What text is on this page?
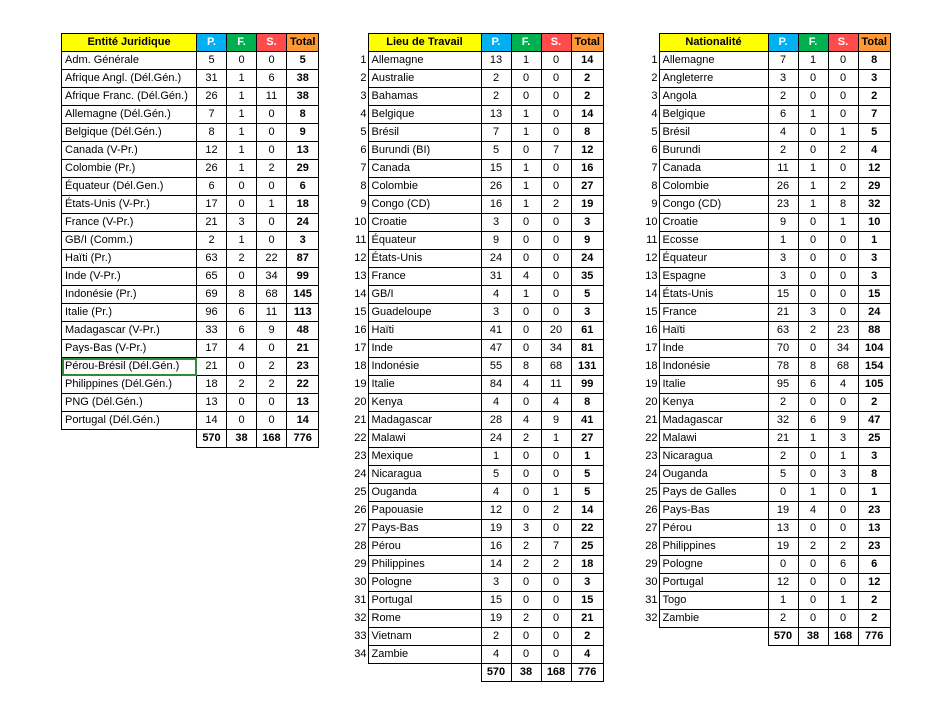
	Entité Juridique	P.	F.	S.	Total
	Adm. Générale	5	0	0	5
	Afrique Angl. (Dél.Gén.)	31	1	6	38
	Afrique Franc. (Dél.Gén.)	26	1	11	38
	Allemagne (Dél.Gén.)	7	1	0	8
	Belgique (Dél.Gén.)	8	1	0	9
	Canada (V-Pr.)	12	1	0	13
	Colombie (Pr.)	26	1	2	29
	Équateur (Dél.Gen.)	6	0	0	6
	États-Unis (V-Pr.)	17	0	1	18
	France (V-Pr.)	21	3	0	24
	GB/I (Comm.)	2	1	0	3
	Haïti (Pr.)	63	2	22	87
	Inde (V-Pr.)	65	0	34	99
	Indonésie (Pr.)	69	8	68	145
	Italie (Pr.)	96	6	11	113
	Madagascar (V-Pr.)	33	6	9	48
	Pays-Bas (V-Pr.)	17	4	0	21
	Pérou-Brésil (Dél.Gén.)	21	0	2	23
	Philippines (Dél.Gén.)	18	2	2	22
	PNG (Dél.Gén.)	13	0	0	13
	Portugal (Dél.Gén.)	14	0	0	14
		570	38	168	776
	Lieu de Travail	P.	F.	S.	Total
1	Allemagne	13	1	0	14
2	Australie	2	0	0	2
3	Bahamas	2	0	0	2
4	Belgique	13	1	0	14
5	Brésil	7	1	0	8
6	Burundi (BI)	5	0	7	12
7	Canada	15	1	0	16
8	Colombie	26	1	0	27
9	Congo (CD)	16	1	2	19
10	Croatie	3	0	0	3
11	Équateur	9	0	0	9
12	États-Unis	24	0	0	24
13	France	31	4	0	35
14	GB/I	4	1	0	5
15	Guadeloupe	3	0	0	3
16	Haïti	41	0	20	61
17	Inde	47	0	34	81
18	Indonésie	55	8	68	131
19	Italie	84	4	11	99
20	Kenya	4	0	4	8
21	Madagascar	28	4	9	41
22	Malawi	24	2	1	27
23	Mexique	1	0	0	1
24	Nicaragua	5	0	0	5
25	Ouganda	4	0	1	5
26	Papouasie	12	0	2	14
27	Pays-Bas	19	3	0	22
28	Pérou	16	2	7	25
29	Philippines	14	2	2	18
30	Pologne	3	0	0	3
31	Portugal	15	0	0	15
32	Rome	19	2	0	21
33	Vietnam	2	0	0	2
34	Zambie	4	0	0	4
		570	38	168	776
	Nationalité	P.	F.	S.	Total
1	Allemagne	7	1	0	8
2	Angleterre	3	0	0	3
3	Angola	2	0	0	2
4	Belgique	6	1	0	7
5	Brésil	4	0	1	5
6	Burundi	2	0	2	4
7	Canada	11	1	0	12
8	Colombie	26	1	2	29
9	Congo (CD)	23	1	8	32
10	Croatie	9	0	1	10
11	Ecosse	1	0	0	1
12	Équateur	3	0	0	3
13	Espagne	3	0	0	3
14	États-Unis	15	0	0	15
15	France	21	3	0	24
16	Haïti	63	2	23	88
17	Inde	70	0	34	104
18	Indonésie	78	8	68	154
19	Italie	95	6	4	105
20	Kenya	2	0	0	2
21	Madagascar	32	6	9	47
22	Malawi	21	1	3	25
23	Nicaragua	2	0	1	3
24	Ouganda	5	0	3	8
25	Pays de Galles	0	1	0	1
26	Pays-Bas	19	4	0	23
27	Pérou	13	0	0	13
28	Philippines	19	2	2	23
29	Pologne	0	0	6	6
30	Portugal	12	0	0	12
31	Togo	1	0	1	2
32	Zambie	2	0	0	2
		570	38	168	776
